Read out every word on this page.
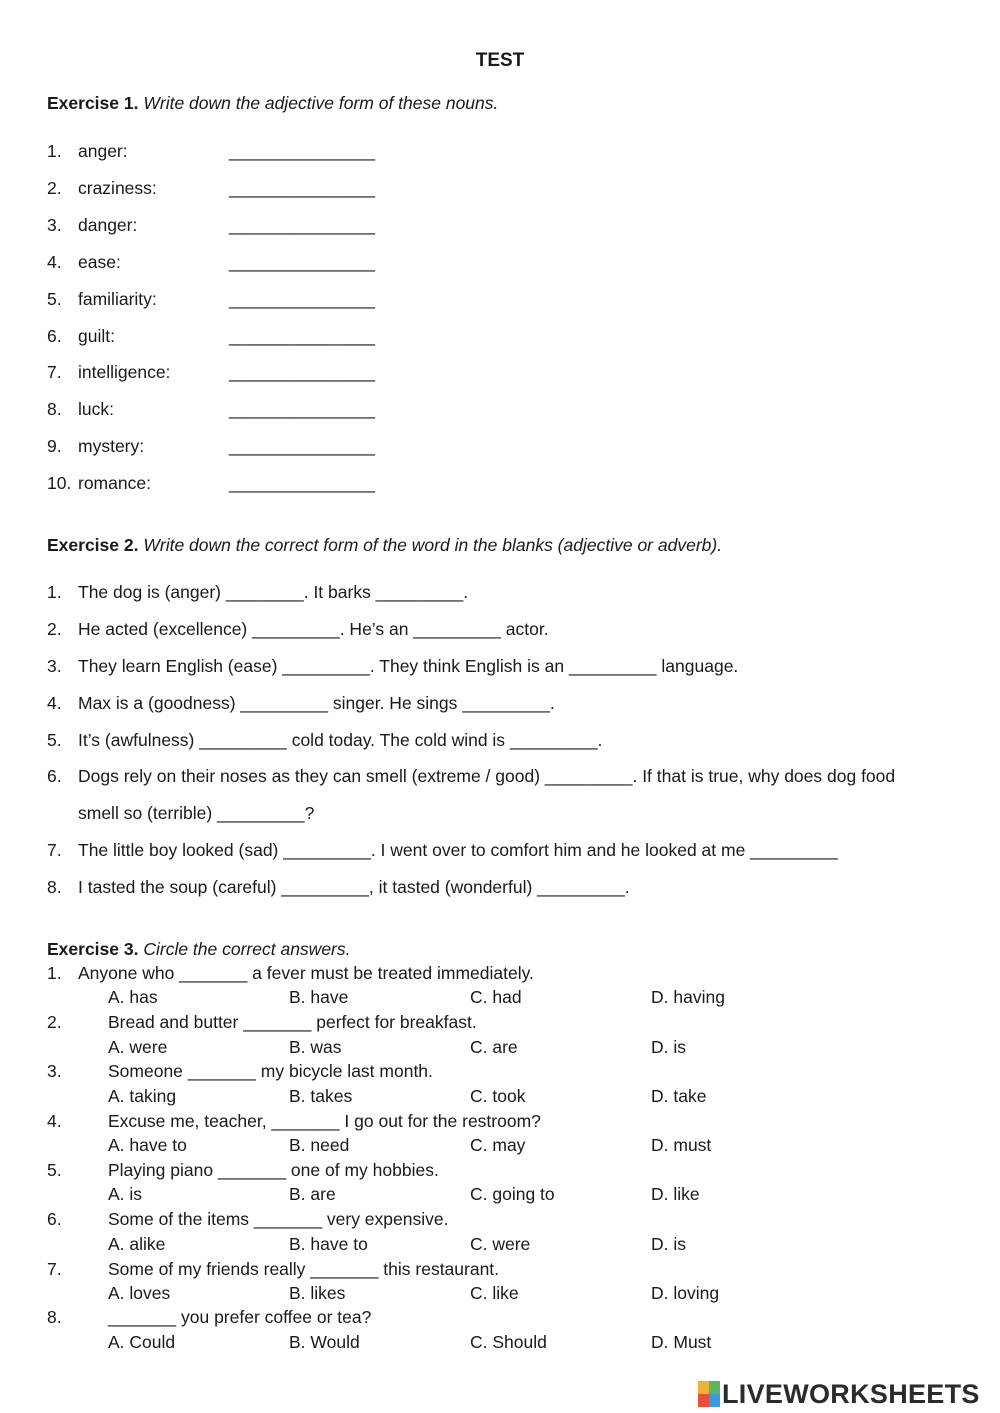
TEST
Exercise 1. Write down the adjective form of these nouns.
1. anger:	_______________
2. craziness:	_______________
3. danger:	_______________
4. ease:	_______________
5. familiarity:	_______________
6. guilt:	_______________
7. intelligence:	_______________
8. luck:	_______________
9. mystery:	_______________
10. romance:	_______________
Exercise 2. Write down the correct form of the word in the blanks (adjective or adverb).
1. The dog is (anger) ________. It barks _________.
2. He acted (excellence) _________. He’s an _________ actor.
3. They learn English (ease) _________. They think English is an _________ language.
4. Max is a (goodness) _________ singer. He sings _________.
5. It’s (awfulness) _________ cold today. The cold wind is _________.
6. Dogs rely on their noses as they can smell (extreme / good) _________. If that is true, why does dog food
smell so (terrible) _________?
7. The little boy looked (sad) _________. I went over to comfort him and he looked at me _________
8. I tasted the soup (careful) _________, it tasted (wonderful) _________.
Exercise 3. Circle the correct answers.
1. Anyone who _______ a fever must be treated immediately.
A. has	B. have	C. had	D. having
2.	Bread and butter _______ perfect for breakfast.
A. were	B. was	C. are	D. is
3.	Someone _______ my bicycle last month.
A. taking	B. takes	C. took	D. take
4.	Excuse me, teacher, _______ I go out for the restroom?
A. have to	B. need	C. may	D. must
5.	Playing piano _______ one of my hobbies.
A. is	B. are	C. going to	D. like
6.	Some of the items _______ very expensive.
A. alike	B. have to	C. were	D. is
7.	Some of my friends really _______ this restaurant.
A. loves	B. likes	C. like	D. loving
8.	_______ you prefer coffee or tea?
A. Could	B. Would	C. Should	D. Must
LIVEWORKSHEETS
